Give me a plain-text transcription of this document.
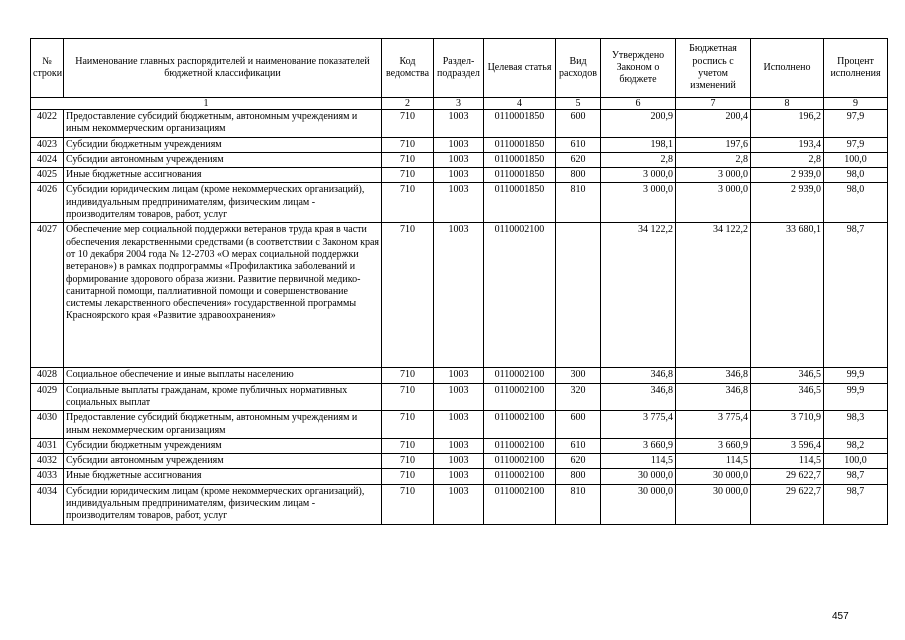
№ строки	Наименование главных распорядителей и наименование показателей бюджетной классификации	Код ведомства	Раздел-подраздел	Целевая статья	Вид расходов	Утверждено Законом о бюджете	Бюджетная роспись с учетом изменений	Исполнено	Процент исполнения
1		2	3	4	5	6	7	8	9
4022	Предоставление субсидий бюджетным, автономным учреждениям и иным некоммерческим организациям	710	1003	0110001850	600	200,9	200,4	196,2	97,9
4023	Субсидии бюджетным учреждениям	710	1003	0110001850	610	198,1	197,6	193,4	97,9
4024	Субсидии автономным учреждениям	710	1003	0110001850	620	2,8	2,8	2,8	100,0
4025	Иные бюджетные ассигнования	710	1003	0110001850	800	3 000,0	3 000,0	2 939,0	98,0
4026	Субсидии юридическим лицам (кроме некоммерческих организаций), индивидуальным предпринимателям, физическим лицам - производителям товаров, работ, услуг	710	1003	0110001850	810	3 000,0	3 000,0	2 939,0	98,0
4027	Обеспечение мер социальной поддержки ветеранов труда края в части обеспечения лекарственными средствами (в соответствии с Законом края от 10 декабря 2004 года № 12-2703 «О мерах социальной поддержки ветеранов») в рамках подпрограммы «Профилактика заболеваний и формирование здорового образа жизни. Развитие первичной медико-санитарной помощи, паллиативной помощи и совершенствование системы лекарственного обеспечения» государственной программы Красноярского края «Развитие здравоохранения»	710	1003	0110002100		34 122,2	34 122,2	33 680,1	98,7
4028	Социальное обеспечение и иные выплаты населению	710	1003	0110002100	300	346,8	346,8	346,5	99,9
4029	Социальные выплаты гражданам, кроме публичных нормативных социальных выплат	710	1003	0110002100	320	346,8	346,8	346,5	99,9
4030	Предоставление субсидий бюджетным, автономным учреждениям и иным некоммерческим организациям	710	1003	0110002100	600	3 775,4	3 775,4	3 710,9	98,3
4031	Субсидии бюджетным учреждениям	710	1003	0110002100	610	3 660,9	3 660,9	3 596,4	98,2
4032	Субсидии автономным учреждениям	710	1003	0110002100	620	114,5	114,5	114,5	100,0
4033	Иные бюджетные ассигнования	710	1003	0110002100	800	30 000,0	30 000,0	29 622,7	98,7
4034	Субсидии юридическим лицам (кроме некоммерческих организаций), индивидуальным предпринимателям, физическим лицам - производителям товаров, работ, услуг	710	1003	0110002100	810	30 000,0	30 000,0	29 622,7	98,7
457
